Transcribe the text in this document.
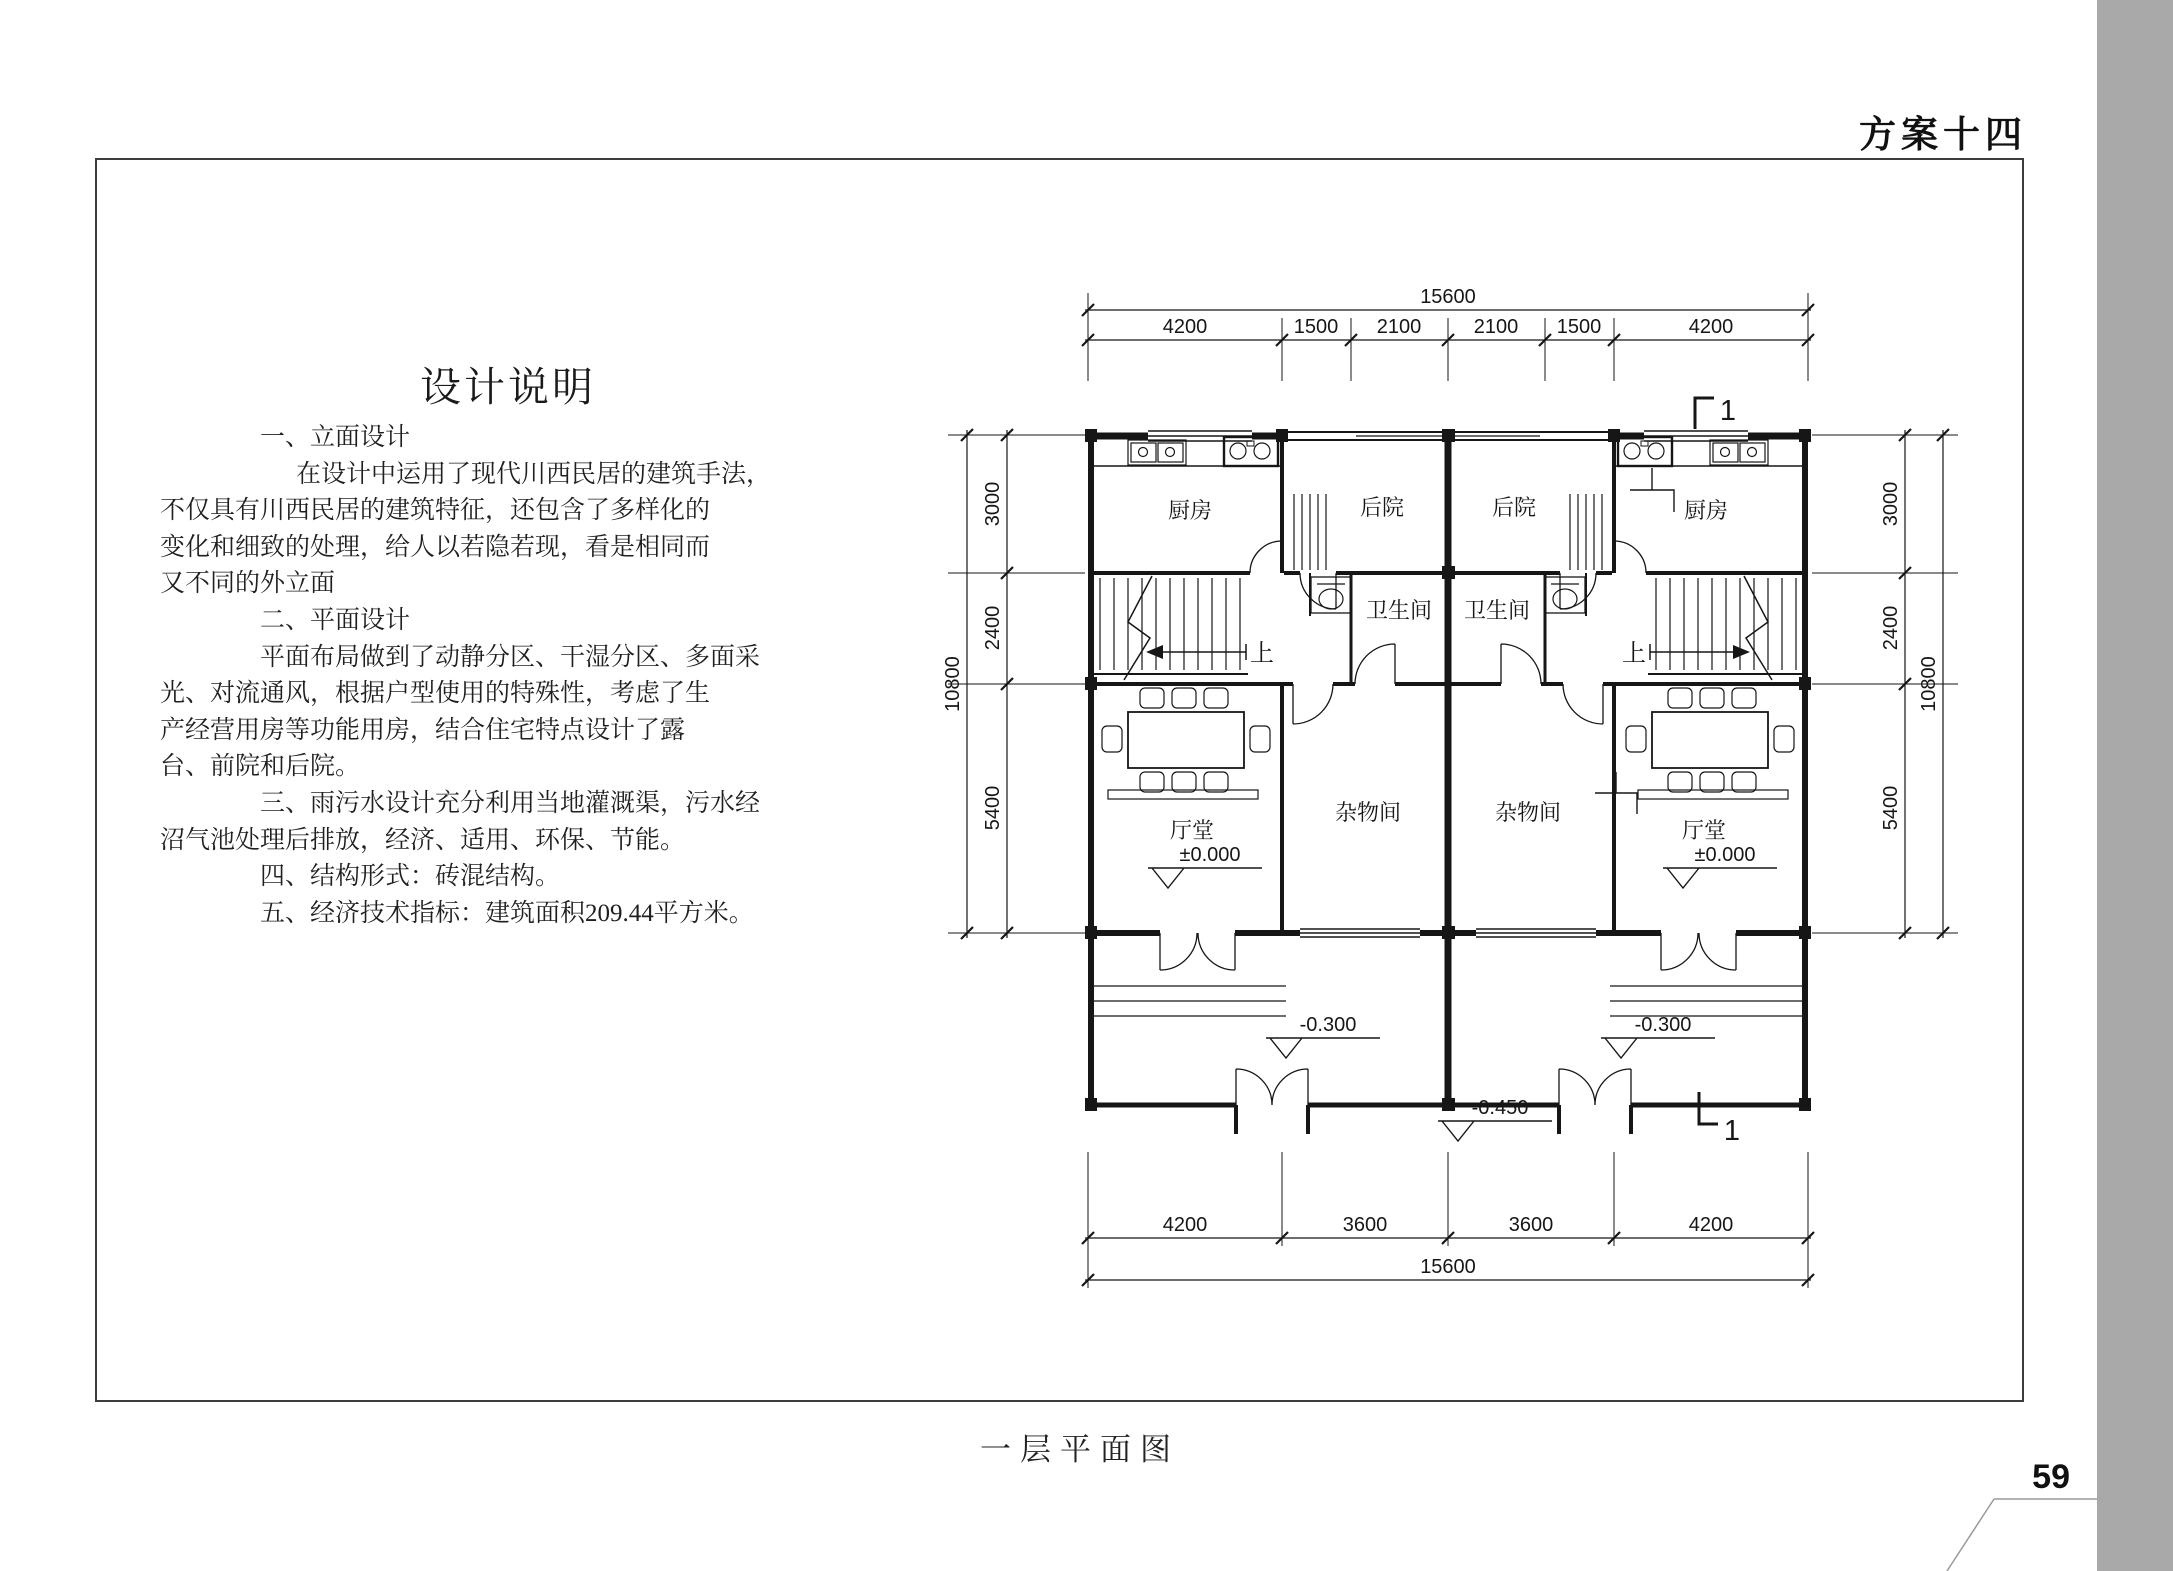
方案十四
设计说明
一、立面设计
在设计中运用了现代川西民居的建筑手法，
不仅具有川西民居的建筑特征，还包含了多样化的
变化和细致的处理，给人以若隐若现，看是相同而
又不同的外立面
二、平面设计
平面布局做到了动静分区、干湿分区、多面采
光、对流通风，根据户型使用的特殊性，考虑了生
产经营用房等功能用房，结合住宅特点设计了露
台、前院和后院。
三、雨污水设计充分利用当地灌溉渠，污水经
沼气池处理后排放，经济、适用、环保、节能。
四、结构形式：砖混结构。
五、经济技术指标：建筑面积209.44平方米。
15600
4200	1500 2100	2100 1500	4200
4200	3600	3600	4200
15600
10800
3000
2400
5400
3000
2400
5400
10800
上	上
±0.000	±0.000
-0.300	-0.300
-0.450
1
1
厨房	厨房
后院	后院
卫生间 卫生间
厅堂	厅堂
杂物间	杂物间
一层平面图
59
